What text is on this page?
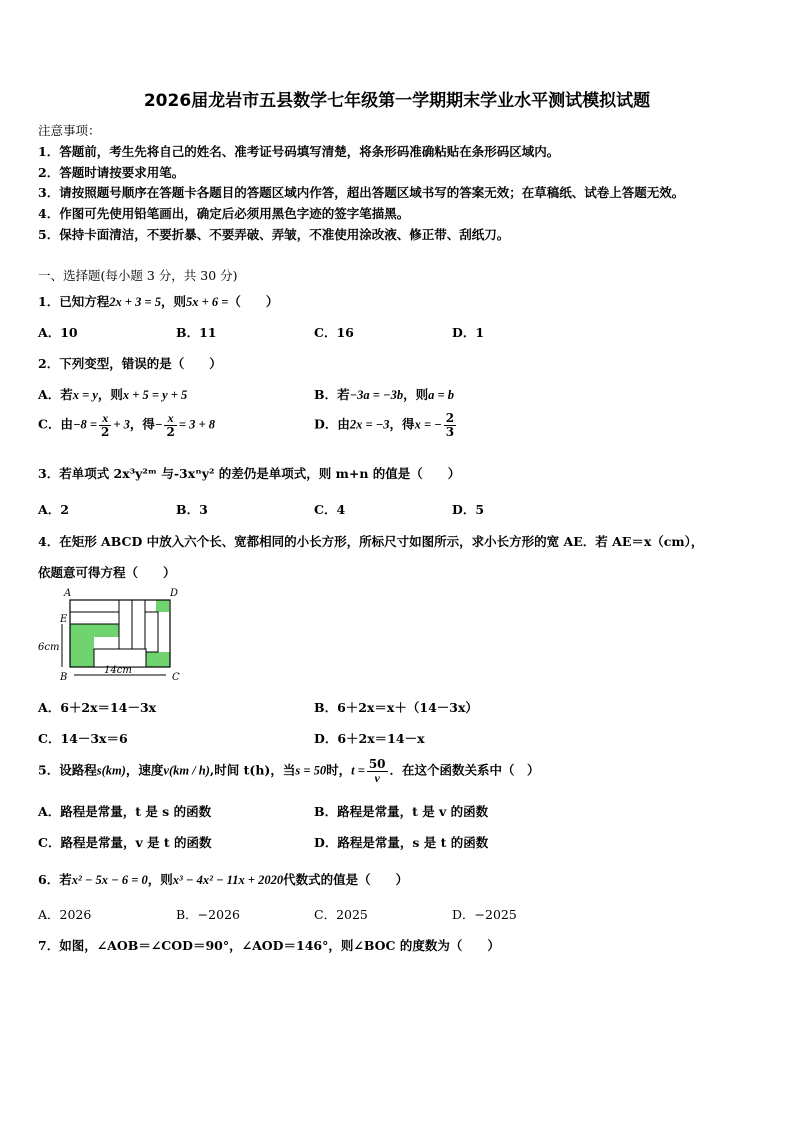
2026届龙岩市五县数学七年级第一学期期末学业水平测试模拟试题
注意事项：
1．答题前，考生先将自己的姓名、准考证号码填写清楚，将条形码准确粘贴在条形码区域内。
2．答题时请按要求用笔。
3．请按照题号顺序在答题卡各题目的答题区域内作答，超出答题区域书写的答案无效；在草稿纸、试卷上答题无效。
4．作图可先使用铅笔画出，确定后必须用黑色字迹的签字笔描黑。
5．保持卡面清洁，不要折暴、不要弄破、弄皱，不准使用涂改液、修正带、刮纸刀。
一、选择题(每小题 3 分，共 30 分)
1．已知方程2x + 3 = 5，则5x + 6 =（　　）
A．10	B．11	C．16	D．1
2．下列变型，错误的是（　　）
A．若x = y，则x + 5 = y + 5	B．若−3a = −3b，则a = b
C．由$-8 = \frac{x}{2} + 3$，得− $\frac{x}{2} = 3 + 8$	D．由2x = −3，得x = − $\frac{2}{3}$
3．若单项式 2x³y²ᵐ 与-3xⁿy² 的差仍是单项式，则 m+n 的值是（　　）
A．2	B．3	C．4	D．5
4．在矩形 ABCD 中放入六个长、宽都相同的小长方形，所标尺寸如图所示，求小长方形的宽 AE．若 AE＝x（cm），
依题意可得方程（　　）
A	D
E
B	C
6cm
14cm
A．6＋2x＝14－3x	B．6＋2x＝x＋（14－3x）
C．14－3x＝6	D．6＋2x＝14－x
5．设路程s(km)，速度v(km / h),时间 t(h)，当s = 50时，$t = \frac{50}{v}$ ．在这个函数关系中（　）
A．路程是常量，t 是 s 的函数	B．路程是常量，t 是 v 的函数
C．路程是常量，v 是 t 的函数	D．路程是常量，s 是 t 的函数
6．若x² − 5x − 6 = 0，则x³ − 4x² − 11x + 2020代数式的值是（　　）
A．2026	B．−2026	C．2025	D．−2025
7．如图，∠AOB＝∠COD＝90°，∠AOD＝146°，则∠BOC 的度数为（　　）
